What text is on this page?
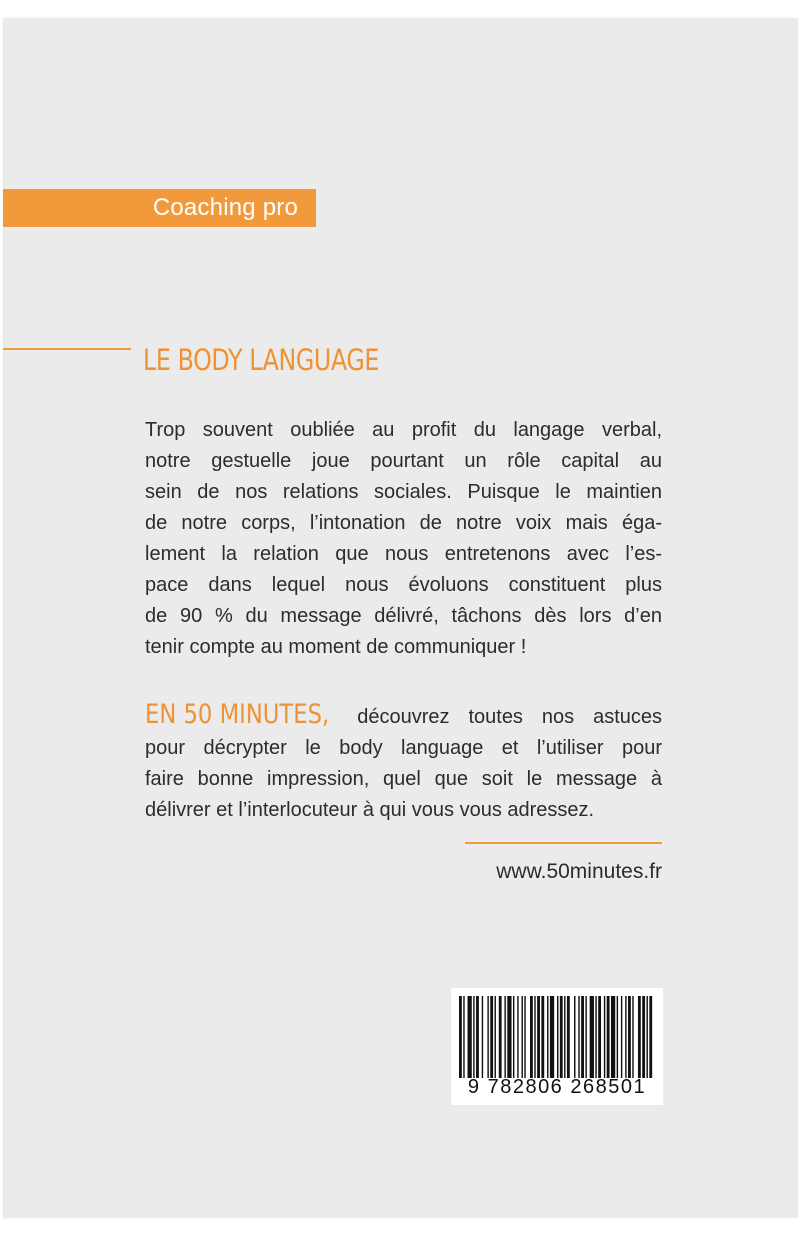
Coaching pro
LE BODY LANGUAGE

Trop souvent oubliée au profit du langage verbal,
notre gestuelle joue pourtant un rôle capital au
sein de nos relations sociales. Puisque le maintien
de notre corps, l’intonation de notre voix mais éga-
lement la relation que nous entretenons avec l’es-
pace dans lequel nous évoluons constituent plus
de 90 % du message délivré, tâchons dès lors d’en
tenir compte au moment de communiquer !

EN 50 MINUTES, découvrez toutes nos astuces
pour décrypter le body language et l’utiliser pour
faire bonne impression, quel que soit le message à
délivrer et l’interlocuteur à qui vous vous adressez.

www.50minutes.fr
9 782806 268501
